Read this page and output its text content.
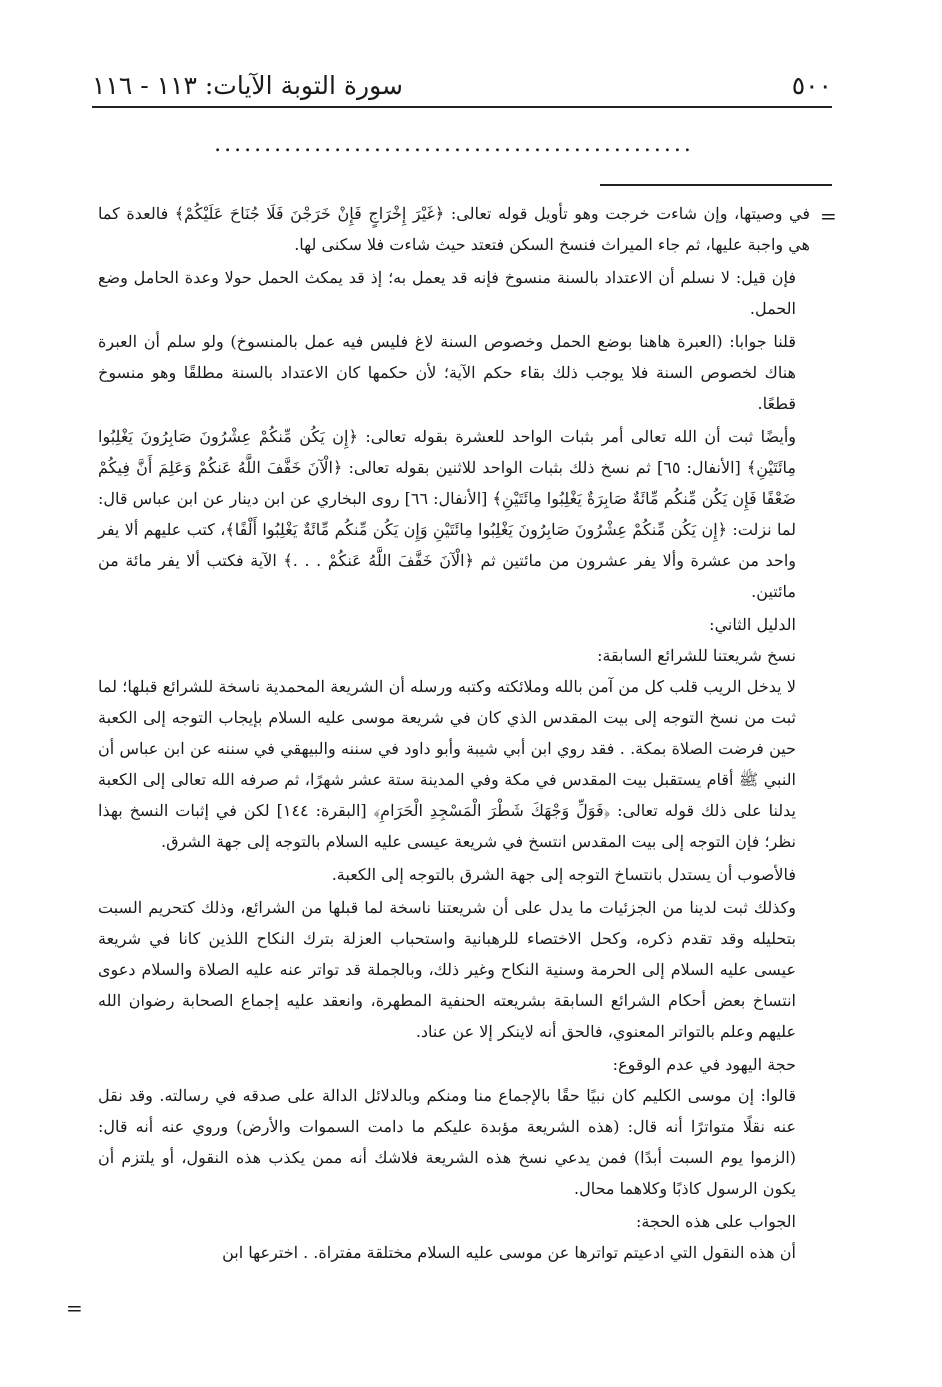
٥٠٠
سورة التوبة الآيات: ١١٣ - ١١٦
................................................
=

في وصيتها، وإن شاءت خرجت وهو تأويل قوله تعالى: ﴿غَيْرَ إِخْرَاجٍ فَإِنْ خَرَجْنَ فَلَا جُنَاحَ عَلَيْكُمْ﴾ فالعدة كما هي واجبة عليها، ثم جاء الميراث فنسخ السكن فتعتد حيث شاءت فلا سكنى لها.

فإن قيل: لا نسلم أن الاعتداد بالسنة منسوخ فإنه قد يعمل به؛ إذ قد يمكث الحمل حولا وعدة الحامل وضع الحمل.

قلنا جوابا: (العبرة هاهنا بوضع الحمل وخصوص السنة لاغ فليس فيه عمل بالمنسوخ) ولو سلم أن العبرة هناك لخصوص السنة فلا يوجب ذلك بقاء حكم الآية؛ لأن حكمها كان الاعتداد بالسنة مطلقًا وهو منسوخ قطعًا.

وأيضًا ثبت أن الله تعالى أمر بثبات الواحد للعشرة بقوله تعالى: ﴿إِن يَكُن مِّنكُمْ عِشْرُونَ صَابِرُونَ يَغْلِبُوا مِائَتَيْنِ﴾ [الأنفال: ٦٥] ثم نسخ ذلك بثبات الواحد للاثنين بقوله تعالى: ﴿الْآنَ خَفَّفَ اللَّهُ عَنكُمْ وَعَلِمَ أَنَّ فِيكُمْ ضَعْفًا فَإِن يَكُن مِّنكُم مِّائَةٌ صَابِرَةٌ يَغْلِبُوا مِائَتَيْنِ﴾ [الأنفال: ٦٦] روى البخاري عن ابن دينار عن ابن عباس قال: لما نزلت: ﴿إِن يَكُن مِّنكُمْ عِشْرُونَ صَابِرُونَ يَغْلِبُوا مِائَتَيْنِ وَإِن يَكُن مِّنكُم مِّائَةٌ يَغْلِبُوا أَلْفًا﴾، كتب عليهم ألا يفر واحد من عشرة وألا يفر عشرون من مائتين ثم ﴿الْآنَ خَفَّفَ اللَّهُ عَنكُمْ . . .﴾ الآية فكتب ألا يفر مائة من مائتين.

الدليل الثاني:

نسخ شريعتنا للشرائع السابقة:

لا يدخل الريب قلب كل من آمن بالله وملائكته وكتبه ورسله أن الشريعة المحمدية ناسخة للشرائع قبلها؛ لما ثبت من نسخ التوجه إلى بيت المقدس الذي كان في شريعة موسى عليه السلام بإيجاب التوجه إلى الكعبة حين فرضت الصلاة بمكة. . فقد روي ابن أبي شيبة وأبو داود في سننه والبيهقي في سننه عن ابن عباس أن النبي ﷺ أقام يستقبل بيت المقدس في مكة وفي المدينة ستة عشر شهرًا، ثم صرفه الله تعالى إلى الكعبة يدلنا على ذلك قوله تعالى: ﴿فَوَلِّ وَجْهَكَ شَطْرَ الْمَسْجِدِ الْحَرَامِ﴾ [البقرة: ١٤٤] لكن في إثبات النسخ بهذا نظر؛ فإن التوجه إلى بيت المقدس انتسخ في شريعة عيسى عليه السلام بالتوجه إلى جهة الشرق.

فالأصوب أن يستدل بانتساخ التوجه إلى جهة الشرق بالتوجه إلى الكعبة.

وكذلك ثبت لدينا من الجزئيات ما يدل على أن شريعتنا ناسخة لما قبلها من الشرائع، وذلك كتحريم السبت بتحليله وقد تقدم ذكره، وكحل الاختصاء للرهبانية واستحباب العزلة بترك النكاح اللذين كانا في شريعة عيسى عليه السلام إلى الحرمة وسنية النكاح وغير ذلك، وبالجملة قد تواتر عنه عليه الصلاة والسلام دعوى انتساخ بعض أحكام الشرائع السابقة بشريعته الحنفية المطهرة، وانعقد عليه إجماع الصحابة رضوان الله عليهم وعلم بالتواتر المعنوي، فالحق أنه لاينكر إلا عن عناد.

حجة اليهود في عدم الوقوع:

قالوا: إن موسى الكليم كان نبيًا حقًا بالإجماع منا ومنكم وبالدلائل الدالة على صدقه في رسالته. وقد نقل عنه نقلًا متواترًا أنه قال: (هذه الشريعة مؤبدة عليكم ما دامت السموات والأرض) وروي عنه أنه قال: (الزموا يوم السبت أبدًا) فمن يدعي نسخ هذه الشريعة فلاشك أنه ممن يكذب هذه النقول، أو يلتزم أن يكون الرسول كاذبًا وكلاهما محال.

الجواب على هذه الحجة:

أن هذه النقول التي ادعيتم تواترها عن موسى عليه السلام مختلقة مفتراة. . اخترعها ابن

=
